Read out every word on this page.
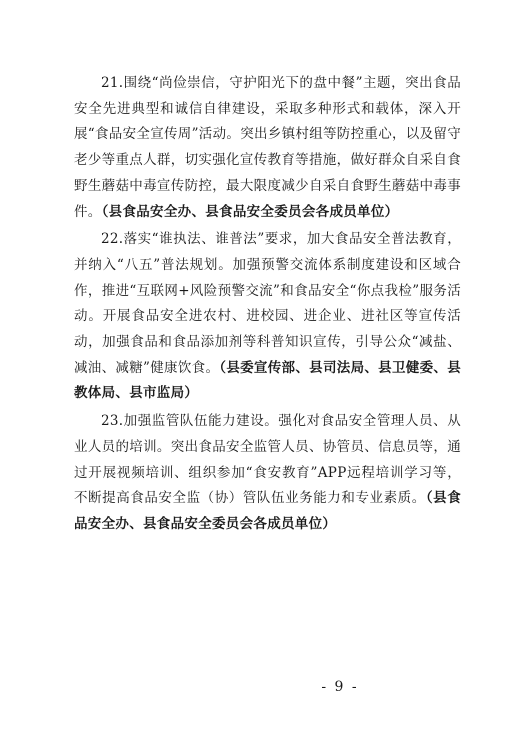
21.围绕“尚俭崇信，守护阳光下的盘中餐”主题，突出食品安全先进典型和诚信自律建设，采取多种形式和载体，深入开展“食品安全宣传周”活动。突出乡镇村组等防控重心，以及留守老少等重点人群，切实强化宣传教育等措施，做好群众自采自食野生蘑菇中毒宣传防控，最大限度减少自采自食野生蘑菇中毒事件。（县食品安全办、县食品安全委员会各成员单位）

22.落实“谁执法、谁普法”要求，加大食品安全普法教育，并纳入“八五”普法规划。加强预警交流体系制度建设和区域合作，推进“互联网+风险预警交流”和食品安全“你点我检”服务活动。开展食品安全进农村、进校园、进企业、进社区等宣传活动，加强食品和食品添加剂等科普知识宣传，引导公众“减盐、减油、减糖”健康饮食。（县委宣传部、县司法局、县卫健委、县教体局、县市监局）

23.加强监管队伍能力建设。强化对食品安全管理人员、从业人员的培训。突出食品安全监管人员、协管员、信息员等，通过开展视频培训、组织参加“食安教育”APP远程培训学习等，不断提高食品安全监（协）管队伍业务能力和专业素质。（县食品安全办、县食品安全委员会各成员单位）

- 9 -
